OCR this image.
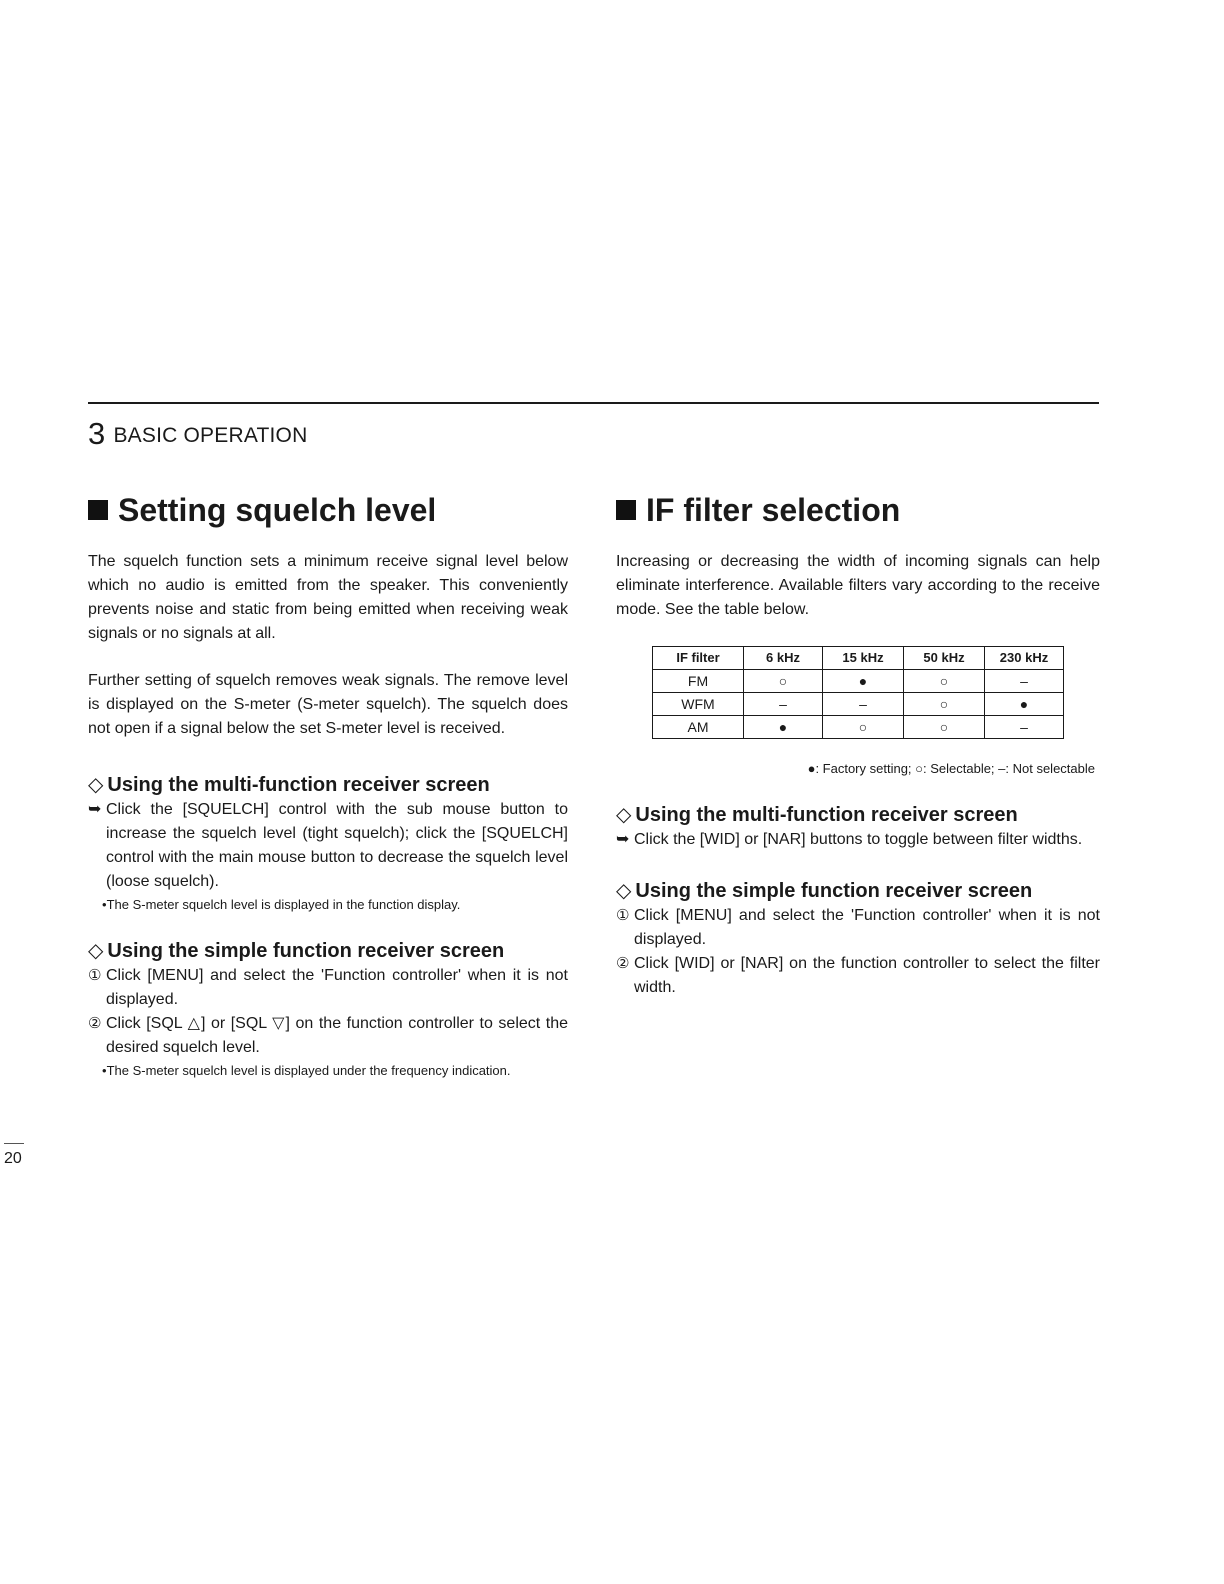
3 BASIC OPERATION
Setting squelch level

The squelch function sets a minimum receive signal level below which no audio is emitted from the speaker. This conveniently prevents noise and static from being emitted when receiving weak signals or no signals at all.

Further setting of squelch removes weak signals. The remove level is displayed on the S-meter (S-meter squelch). The squelch does not open if a signal below the set S-meter level is received.

◇ Using the multi-function receiver screen
➥ Click the [SQUELCH] control with the sub mouse button to increase the squelch level (tight squelch); click the [SQUELCH] control with the main mouse button to decrease the squelch level (loose squelch).
•The S-meter squelch level is displayed in the function display.
◇ Using the simple function receiver screen
① Click [MENU] and select the 'Function controller' when it is not displayed.
② Click [SQL △] or [SQL ▽] on the function controller to select the desired squelch level.
•The S-meter squelch level is displayed under the frequency indication.
IF filter selection

Increasing or decreasing the width of incoming signals can help eliminate interference. Available filters vary according to the receive mode. See the table below.

IF filter	6 kHz	15 kHz	50 kHz	230 kHz
FM	○	●	○	–
WFM	–	–	○	●
AM	●	○	○	–
●: Factory setting; ○: Selectable; –: Not selectable
◇ Using the multi-function receiver screen
➥ Click the [WID] or [NAR] buttons to toggle between filter widths.
◇ Using the simple function receiver screen
① Click [MENU] and select the 'Function controller' when it is not displayed.
② Click [WID] or [NAR] on the function controller to select the filter width.
20
